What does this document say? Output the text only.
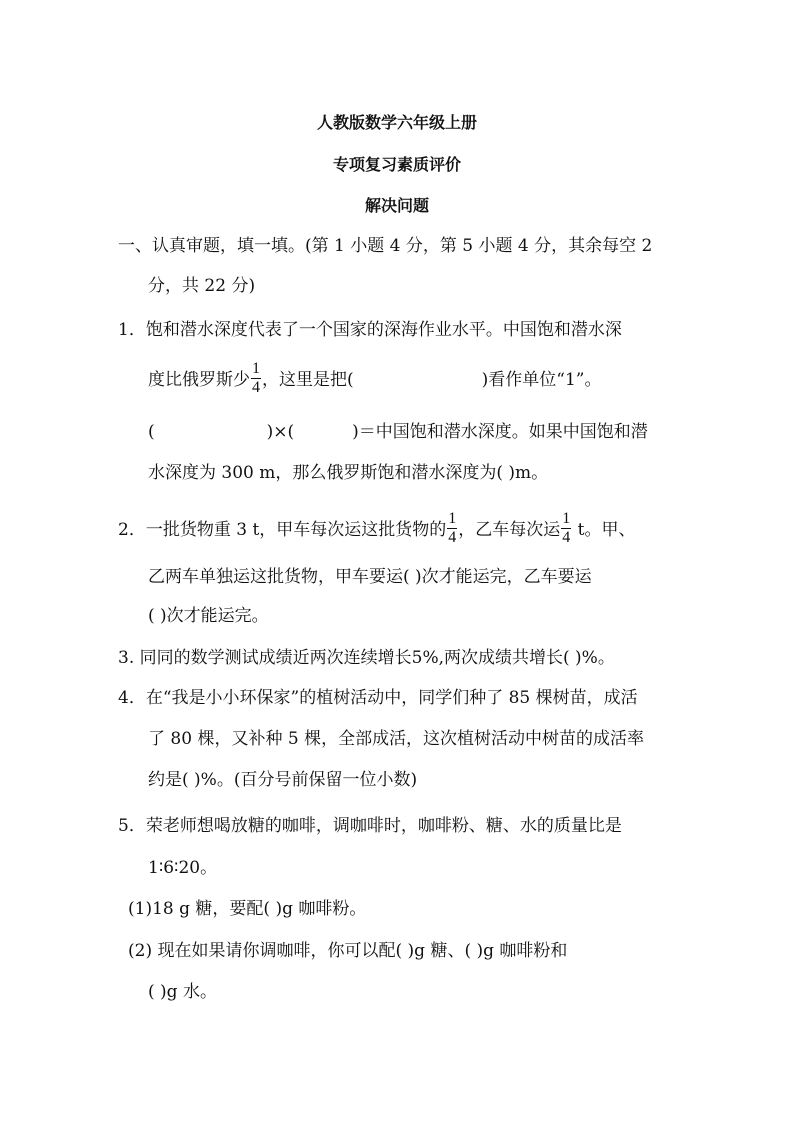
人教版数学六年级上册
专项复习素质评价
解决问题
一、认真审题，填一填。(第 1 小题 4 分，第 5 小题 4 分，其余每空 2
分，共 22 分)
1．饱和潜水深度代表了一个国家的深海作业水平。中国饱和潜水深
度比俄罗斯少 $\frac{1}{4}$ ，这里是把(	)看作单位“1”。
(	)×(	)＝中国饱和潜水深度。如果中国饱和潜
水深度为 300 m，那么俄罗斯饱和潜水深度为( )m。
2．一批货物重 3 t，甲车每次运这批货物的 $\frac{1}{4}$ ，乙车每次运 $\frac{1}{4}$ t。甲、
乙两车单独运这批货物，甲车要运( )次才能运完，乙车要运
( )次才能运完。
3. 同同的数学测试成绩近两次连续增长5%,两次成绩共增长( )%。
4．在“我是小小环保家”的植树活动中，同学们种了 85 棵树苗，成活
了 80 棵，又补种 5 棵，全部成活，这次植树活动中树苗的成活率
约是( )%。(百分号前保留一位小数)
5．荣老师想喝放糖的咖啡，调咖啡时，咖啡粉、糖、水的质量比是
1∶6∶20。
(1)18 g 糖，要配( )g 咖啡粉。
(2) 现在如果请你调咖啡，你可以配( )g 糖、( )g 咖啡粉和
( )g 水。
